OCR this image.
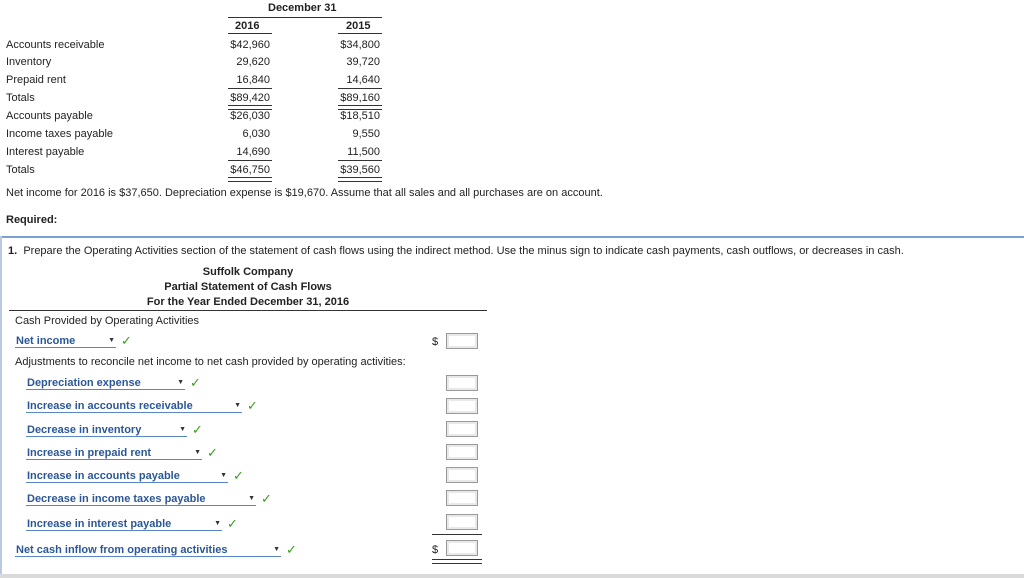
December 31
2016	2015
Accounts receivable	$42,960	$34,800
Inventory	29,620	39,720
Prepaid rent	16,840	14,640
Totals	$89,420	$89,160
Accounts payable	$26,030	$18,510
Income taxes payable	6,030	9,550
Interest payable	14,690	11,500
Totals	$46,750	$39,560
Net income for 2016 is $37,650. Depreciation expense is $19,670. Assume that all sales and all purchases are on account.
Required:
1. Prepare the Operating Activities section of the statement of cash flows using the indirect method. Use the minus sign to indicate cash payments, cash outflows, or decreases in cash.
Suffolk Company
Partial Statement of Cash Flows
For the Year Ended December 31, 2016
Cash Provided by Operating Activities
Net income	▼ ✓	$
Adjustments to reconcile net income to net cash provided by operating activities:
Depreciation expense	▼ ✓
Increase in accounts receivable	▼ ✓
Decrease in inventory	▼ ✓
Increase in prepaid rent	▼ ✓
Increase in accounts payable	▼ ✓
Decrease in income taxes payable	▼ ✓
Increase in interest payable	▼ ✓
Net cash inflow from operating activities	▼ ✓	$
